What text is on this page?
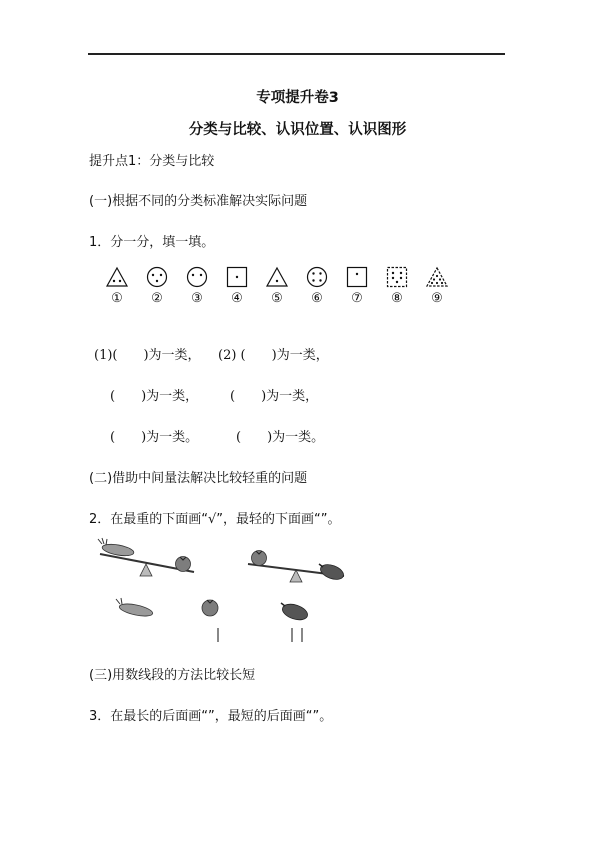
专项提升卷3
分类与比较、认识位置、认识图形
提升点1：分类与比较
(一)根据不同的分类标准解决实际问题
1．分一分，填一填。
①	②	③	④	⑤	⑥	⑦	⑧	⑨
(1)(　　)为一类， (2) (　　)为一类，
(　　)为一类， (　　)为一类，
(　　)为一类。	(　　)为一类。
(二)借助中间量法解决比较轻重的问题
2．在最重的下面画“√”，最轻的下面画“”。
(三)用数线段的方法比较长短
3．在最长的后面画“”，最短的后面画“”。
